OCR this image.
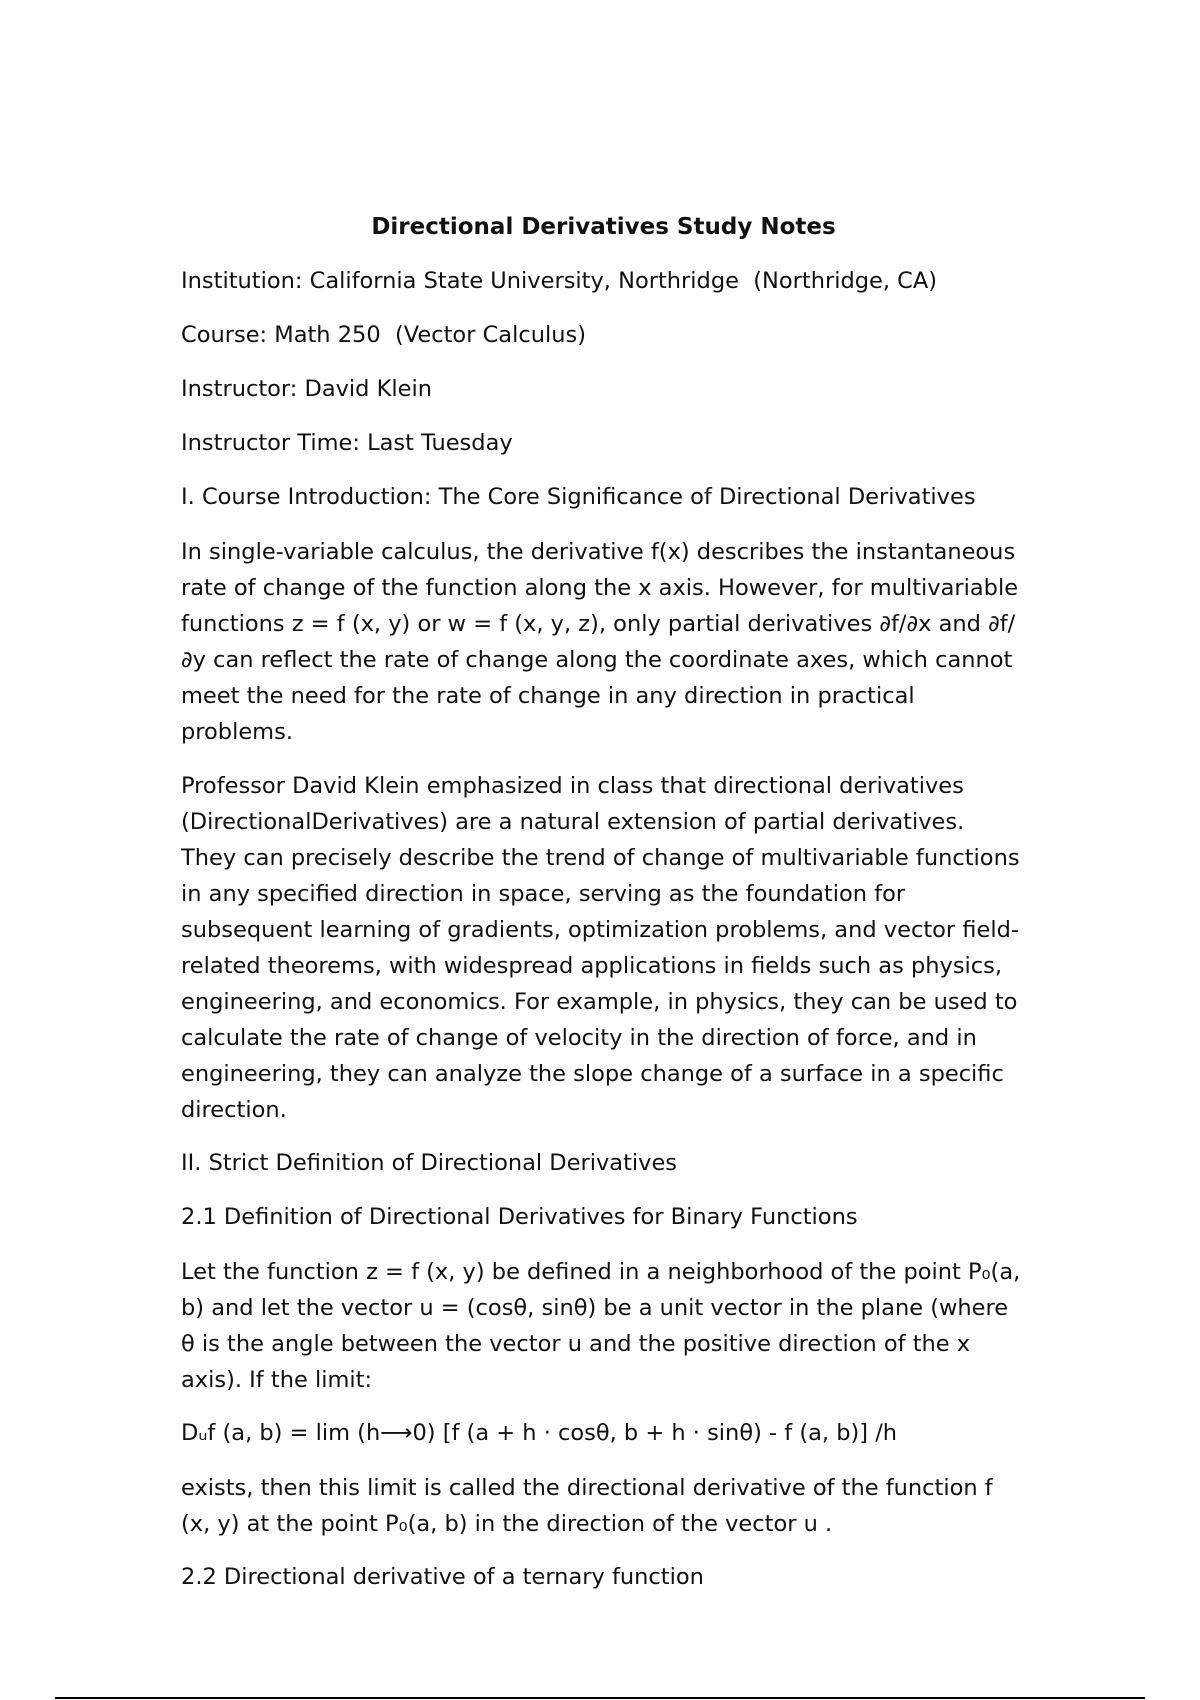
Directional Derivatives Study Notes
Institution: California State University, Northridge  (Northridge, CA)
Course: Math 250  (Vector Calculus)
Instructor: David Klein
Instructor Time: Last Tuesday
I. Course Introduction: The Core Significance of Directional Derivatives
In single-variable calculus, the derivative f(x) describes the instantaneous rate of change of the function along the x axis. However, for multivariable functions z = f (x, y) or w = f (x, y, z), only partial derivatives ∂f/∂x and ∂f/∂y can reflect the rate of change along the coordinate axes, which cannot meet the need for the rate of change in any direction in practical problems.
Professor David Klein emphasized in class that directional derivatives (DirectionalDerivatives) are a natural extension of partial derivatives. They can precisely describe the trend of change of multivariable functions in any specified direction in space, serving as the foundation for subsequent learning of gradients, optimization problems, and vector field-related theorems, with widespread applications in fields such as physics, engineering, and economics. For example, in physics, they can be used to calculate the rate of change of velocity in the direction of force, and in engineering, they can analyze the slope change of a surface in a specific direction.
II. Strict Definition of Directional Derivatives
2.1 Definition of Directional Derivatives for Binary Functions
Let the function z = f (x, y) be defined in a neighborhood of the point P₀(a, b) and let the vector u = (cosθ, sinθ) be a unit vector in the plane (where θ is the angle between the vector u and the positive direction of the x axis). If the limit:
Dᵤf (a, b) = lim (h⟶0) [f (a + h · cosθ, b + h · sinθ) - f (a, b)] /h
exists, then this limit is called the directional derivative of the function f (x, y) at the point P₀(a, b) in the direction of the vector u .
2.2 Directional derivative of a ternary function
